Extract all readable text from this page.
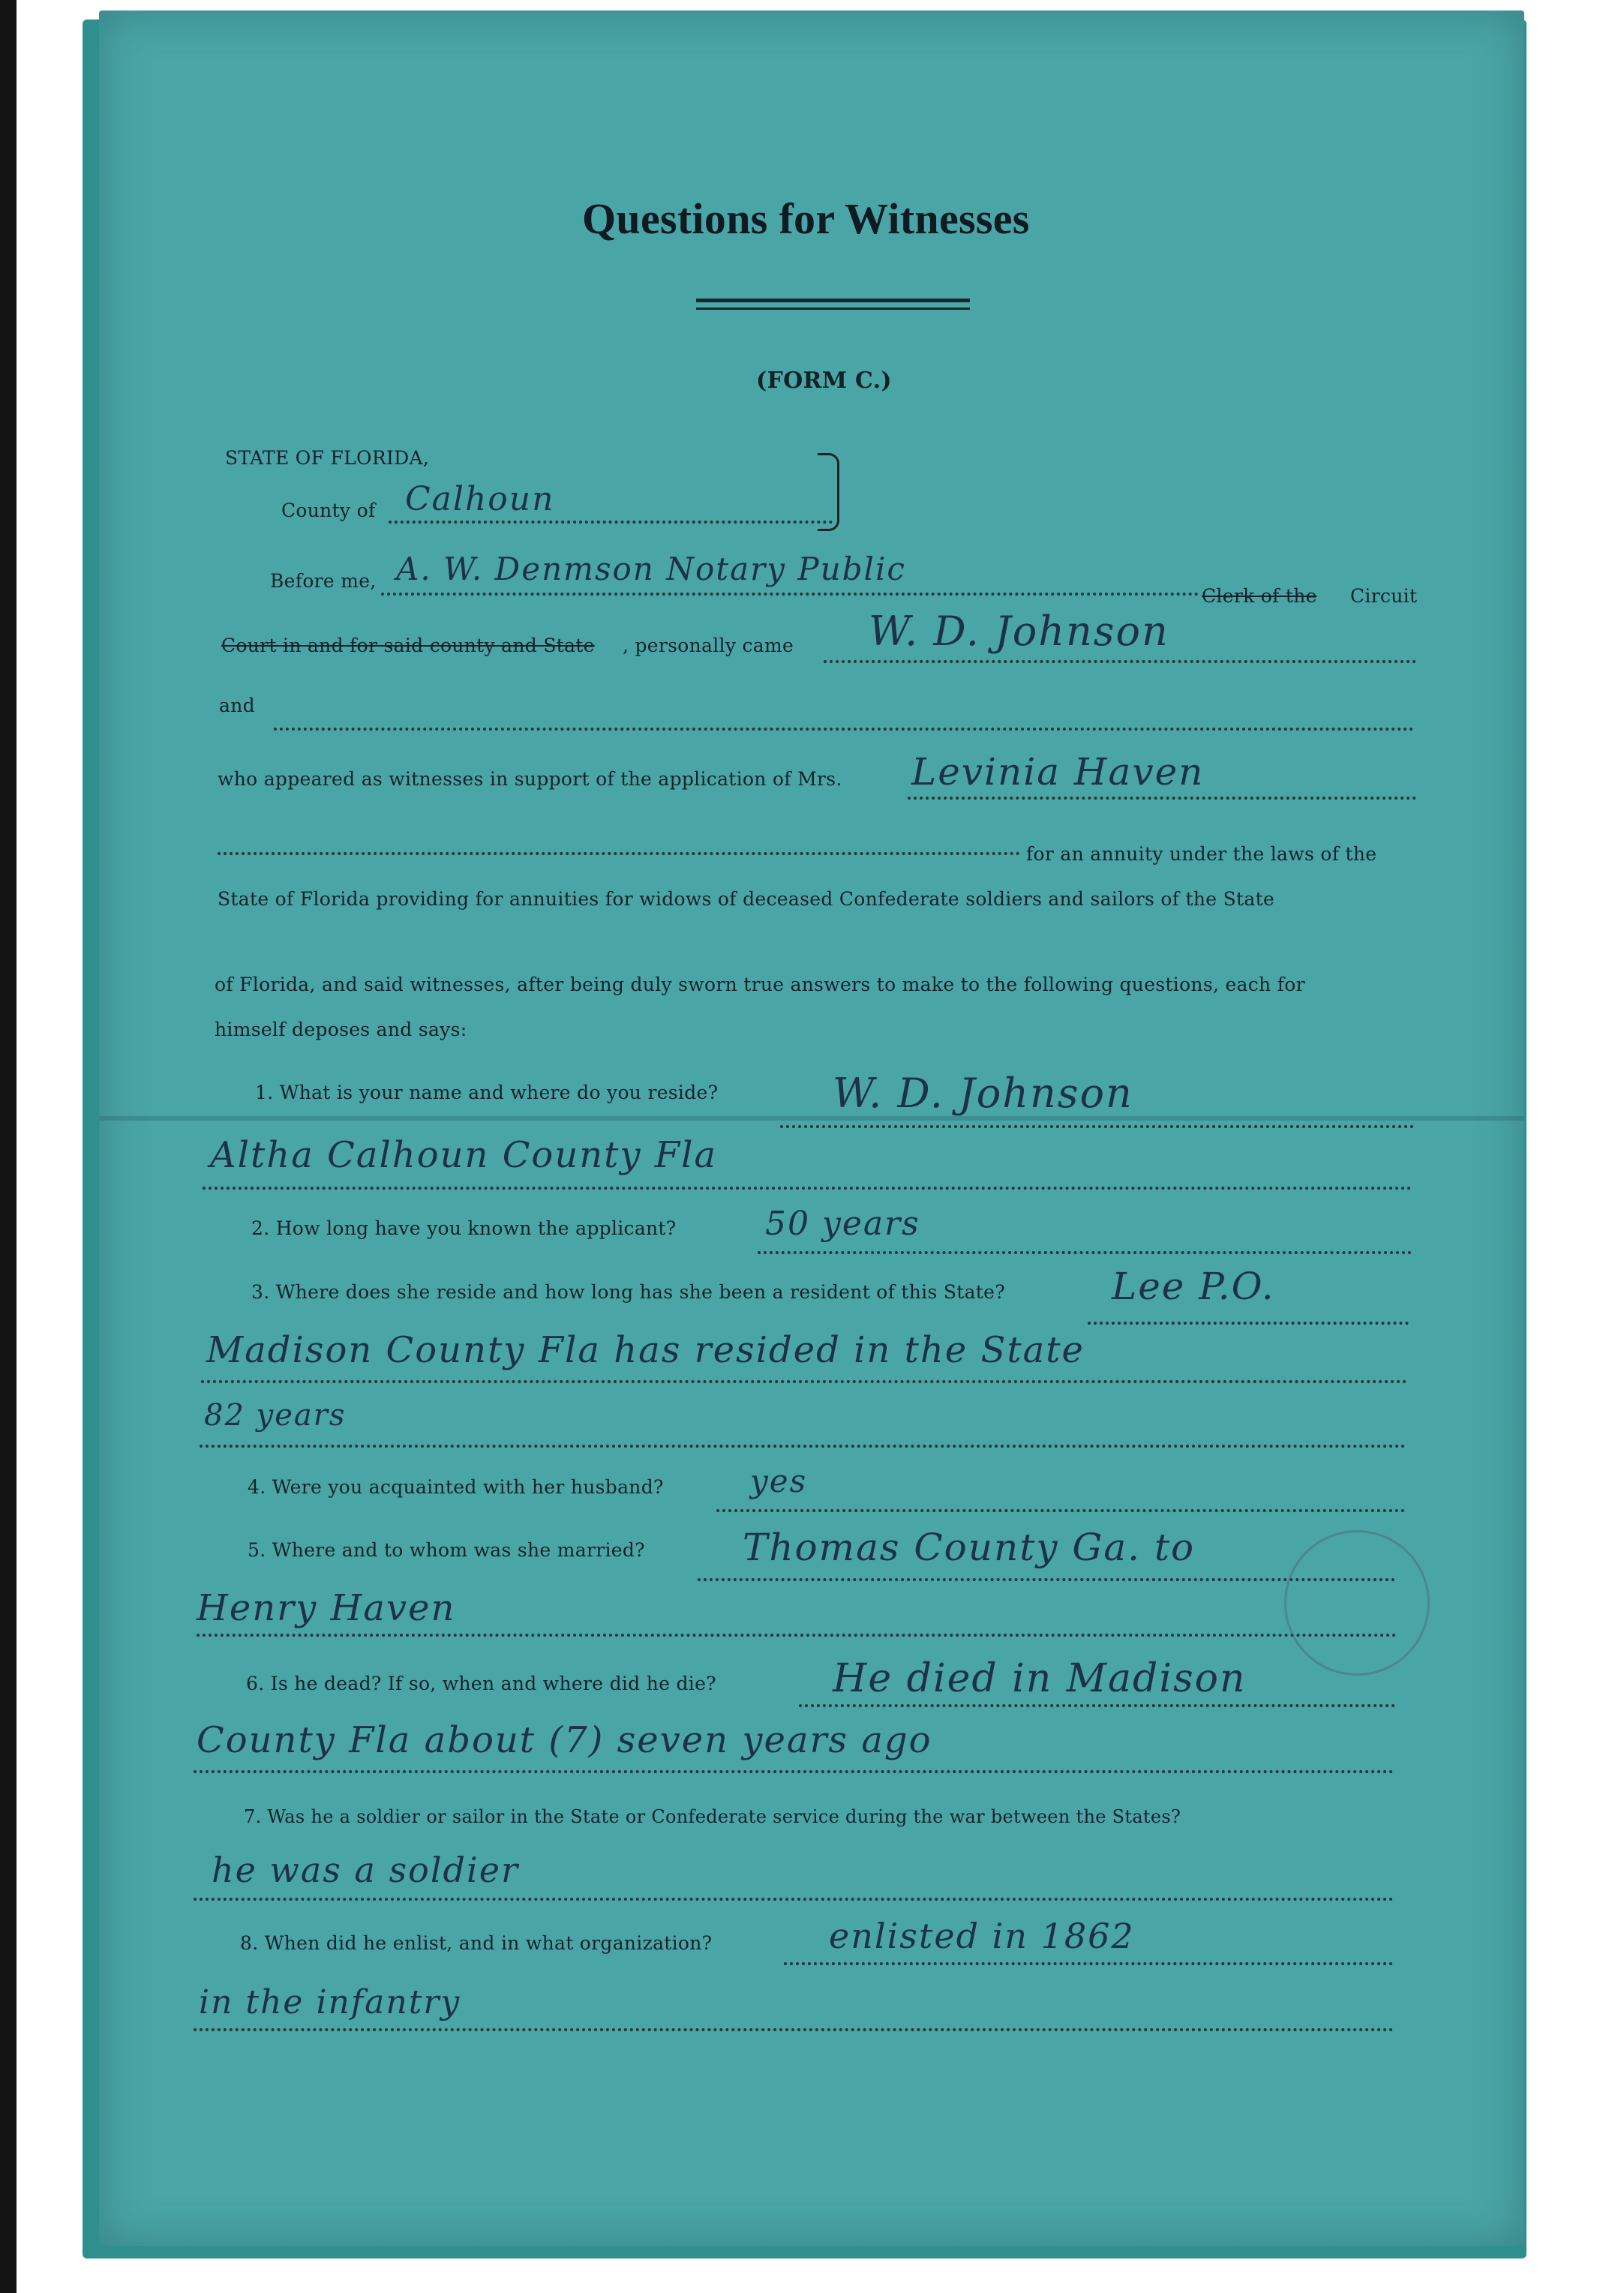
Questions for Witnesses
(FORM C.)
STATE OF FLORIDA,
County of Calhoun
Before me, A. W. Denmson Notary Public
Clerk of the Circuit
Court in and for said county and State , personally came W. D. Johnson
and
who appeared as witnesses in support of the application of Mrs. Levinia Haven
for an annuity under the laws of the
State of Florida providing for annuities for widows of deceased Confederate soldiers and sailors of the State
of Florida, and said witnesses, after being duly sworn true answers to make to the following questions, each for
himself deposes and says:
1. What is your name and where do you reside?	W. D. Johnson
Altha Calhoun County Fla
2. How long have you known the applicant?	50 years
3. Where does she reside and how long has she been a resident of this State?	Lee P.O.
Madison County Fla has resided in the State
82 years
4. Were you acquainted with her husband?	yes
5. Where and to whom was she married?	Thomas County Ga. to
Henry Haven
6. Is he dead? If so, when and where did he die?	He died in Madison
County Fla about (7) seven years ago
7. Was he a soldier or sailor in the State or Confederate service during the war between the States?
he was a soldier
8. When did he enlist, and in what organization?	enlisted in 1862
in the infantry
